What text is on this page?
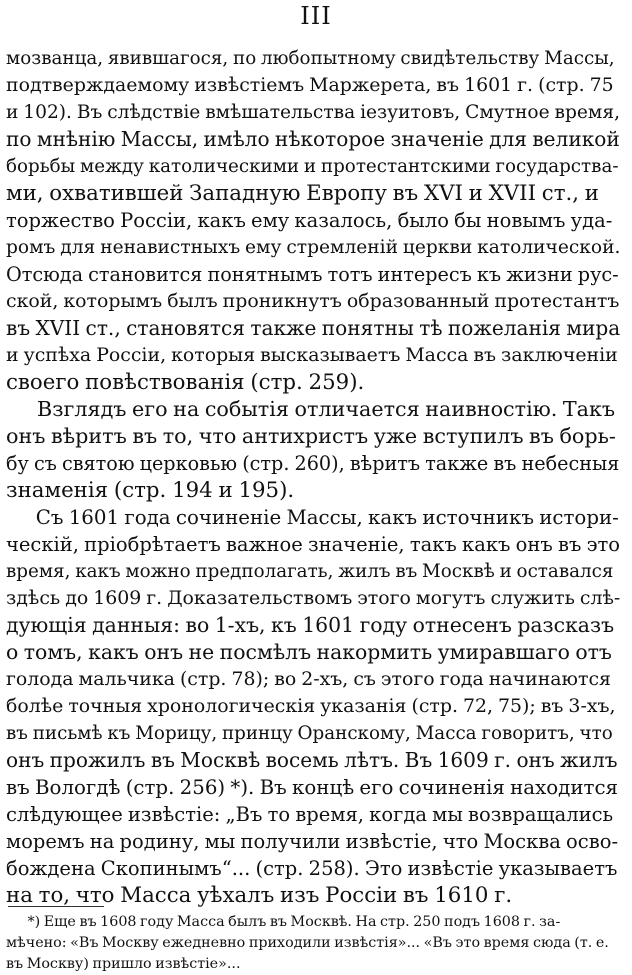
III
мозванца, явившагося, по любопытному свидѣтельству Массы,
подтверждаемому извѣстіемъ Маржерета, въ 1601 г. (стр. 75
и 102). Въ слѣдствіе вмѣшательства іезуитовъ, Смутное время,
по мнѣнію Массы, имѣло нѣкоторое значеніе для великой
борьбы между католическими и протестантскими государства-
ми, охватившей Западную Европу въ XVI и XVII ст., и
торжество Россіи, какъ ему казалось, было бы новымъ уда-
ромъ для ненавистныхъ ему стремленій церкви католической.
Отсюда становится понятнымъ тотъ интересъ къ жизни рус-
ской, которымъ былъ проникнутъ образованный протестантъ
въ XVII ст., становятся также понятны тѣ пожеланія мира
и успѣха Россіи, которыя высказываетъ Масса въ заключеніи
своего повѣствованія (стр. 259).
Взглядъ его на событія отличается наивностію. Такъ
онъ вѣритъ въ то, что антихристъ уже вступилъ въ борь-
бу съ святою церковью (стр. 260), вѣритъ также въ небесныя
знаменія (стр. 194 и 195).
Съ 1601 года сочиненіе Массы, какъ источникъ истори-
ческій, пріобрѣтаетъ важное значеніе, такъ какъ онъ въ это
время, какъ можно предполагать, жилъ въ Москвѣ и оставался
здѣсь до 1609 г. Доказательствомъ этого могутъ служить слѣ-
дующія данныя: во 1-хъ, къ 1601 году отнесенъ разсказъ
о томъ, какъ онъ не посмѣлъ накормить умиравшаго отъ
голода мальчика (стр. 78); во 2-хъ, съ этого года начинаются
болѣе точныя хронологическія указанія (стр. 72, 75); въ 3-хъ,
въ письмѣ къ Морицу, принцу Оранскому, Масса говоритъ, что
онъ прожилъ въ Москвѣ восемь лѣтъ. Въ 1609 г. онъ жилъ
въ Вологдѣ (стр. 256) *). Въ концѣ его сочиненія находится
слѣдующее извѣстіе: „Въ то время, когда мы возвращались
моремъ на родину, мы получили извѣстіе, что Москва осво-
бождена Скопинымъ“... (стр. 258). Это извѣстіе указываетъ
на то, что Масса уѣхалъ изъ Россіи въ 1610 г.
*) Еще въ 1608 году Масса былъ въ Москвѣ. На стр. 250 подъ 1608 г. за-
мѣчено: «Въ Москву ежедневно приходили извѣстія»... «Въ это время сюда (т. е.
въ Москву) пришло извѣстіе»...
